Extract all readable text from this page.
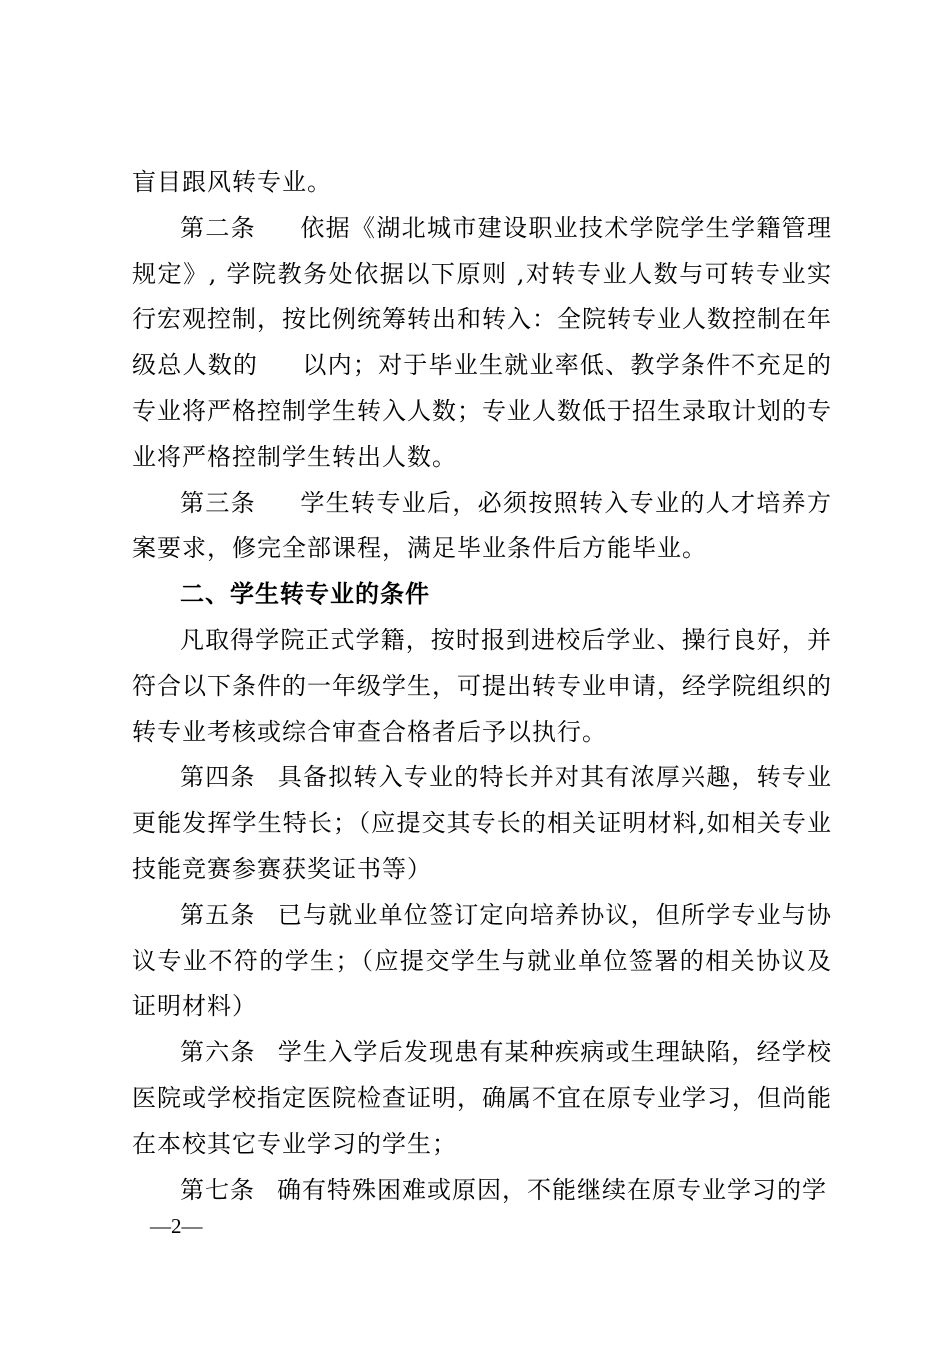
盲目跟风转专业。

第二条 依据《湖北城市建设职业技术学院学生学籍管理规定》, 学院教务处依据以下原则 ,对转专业人数与可转专业实行宏观控制，按比例统筹转出和转入：全院转专业人数控制在年级总人数的 以内；对于毕业生就业率低、教学条件不充足的专业将严格控制学生转入人数；专业人数低于招生录取计划的专业将严格控制学生转出人数。

第三条 学生转专业后，必须按照转入专业的人才培养方案要求，修完全部课程，满足毕业条件后方能毕业。

二、学生转专业的条件

凡取得学院正式学籍，按时报到进校后学业、操行良好，并符合以下条件的一年级学生，可提出转专业申请，经学院组织的转专业考核或综合审查合格者后予以执行。

第四条 具备拟转入专业的特长并对其有浓厚兴趣，转专业更能发挥学生特长；（应提交其专长的相关证明材料,如相关专业技能竞赛参赛获奖证书等）

第五条 已与就业单位签订定向培养协议，但所学专业与协议专业不符的学生；（应提交学生与就业单位签署的相关协议及证明材料）

第六条 学生入学后发现患有某种疾病或生理缺陷，经学校医院或学校指定医院检查证明，确属不宜在原专业学习，但尚能在本校其它专业学习的学生；

第七条 确有特殊困难或原因，不能继续在原专业学习的学

—2—
